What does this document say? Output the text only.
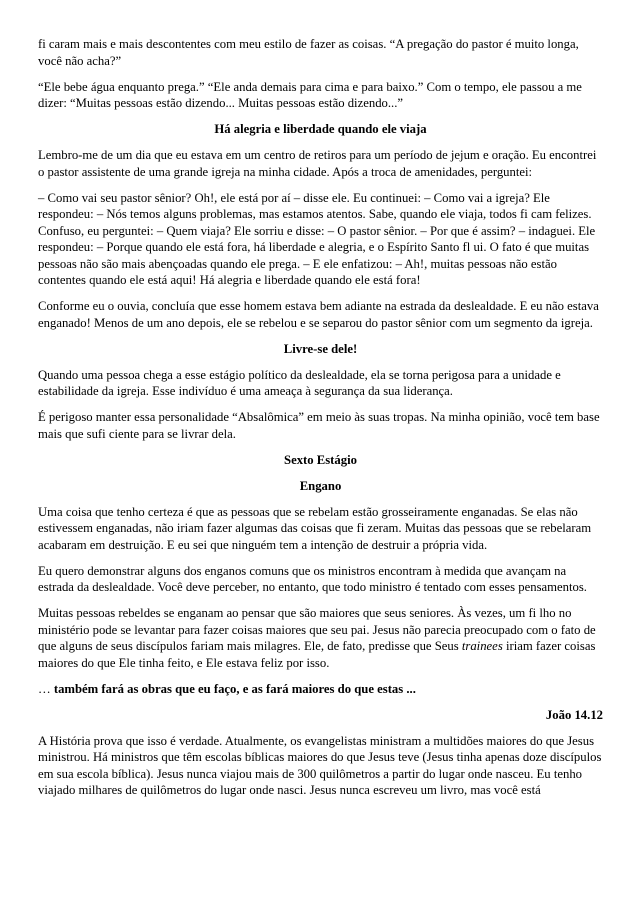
fi caram mais e mais descontentes com meu estilo de fazer as coisas. “A pregação do pastor é muito longa, você não acha?”

“Ele bebe água enquanto prega.” “Ele anda demais para cima e para baixo.” Com o tempo, ele passou a me dizer: “Muitas pessoas estão dizendo... Muitas pessoas estão dizendo...”

Há alegria e liberdade quando ele viaja

Lembro-me de um dia que eu estava em um centro de retiros para um período de jejum e oração. Eu encontrei o pastor assistente de uma grande igreja na minha cidade. Após a troca de amenidades, perguntei:

– Como vai seu pastor sênior? Oh!, ele está por aí – disse ele. Eu continuei: – Como vai a igreja? Ele respondeu: – Nós temos alguns problemas, mas estamos atentos. Sabe, quando ele viaja, todos fi cam felizes. Confuso, eu perguntei: – Quem viaja? Ele sorriu e disse: – O pastor sênior. – Por que é assim? – indaguei. Ele respondeu: – Porque quando ele está fora, há liberdade e alegria, e o Espírito Santo fl ui. O fato é que muitas pessoas não são mais abençoadas quando ele prega. – E ele enfatizou: – Ah!, muitas pessoas não estão contentes quando ele está aqui! Há alegria e liberdade quando ele está fora!

Conforme eu o ouvia, concluía que esse homem estava bem adiante na estrada da deslealdade. E eu não estava enganado! Menos de um ano depois, ele se rebelou e se separou do pastor sênior com um segmento da igreja.

Livre-se dele!

Quando uma pessoa chega a esse estágio político da deslealdade, ela se torna perigosa para a unidade e estabilidade da igreja. Esse indivíduo é uma ameaça à segurança da sua liderança.

É perigoso manter essa personalidade “Absalômica” em meio às suas tropas. Na minha opinião, você tem base mais que sufi ciente para se livrar dela.

Sexto Estágio

Engano

Uma coisa que tenho certeza é que as pessoas que se rebelam estão grosseiramente enganadas. Se elas não estivessem enganadas, não iriam fazer algumas das coisas que fi zeram. Muitas das pessoas que se rebelaram acabaram em destruição. E eu sei que ninguém tem a intenção de destruir a própria vida.

Eu quero demonstrar alguns dos enganos comuns que os ministros encontram à medida que avançam na estrada da deslealdade. Você deve perceber, no entanto, que todo ministro é tentado com esses pensamentos.

Muitas pessoas rebeldes se enganam ao pensar que são maiores que seus seniores. Às vezes, um fi lho no ministério pode se levantar para fazer coisas maiores que seu pai. Jesus não parecia preocupado com o fato de que alguns de seus discípulos fariam mais milagres. Ele, de fato, predisse que Seus trainees iriam fazer coisas maiores do que Ele tinha feito, e Ele estava feliz por isso.

… também fará as obras que eu faço, e as fará maiores do que estas ...

João 14.12

A História prova que isso é verdade. Atualmente, os evangelistas ministram a multidões maiores do que Jesus ministrou. Há ministros que têm escolas bíblicas maiores do que Jesus teve (Jesus tinha apenas doze discípulos em sua escola bíblica). Jesus nunca viajou mais de 300 quilômetros a partir do lugar onde nasceu. Eu tenho viajado milhares de quilômetros do lugar onde nasci. Jesus nunca escreveu um livro, mas você está
